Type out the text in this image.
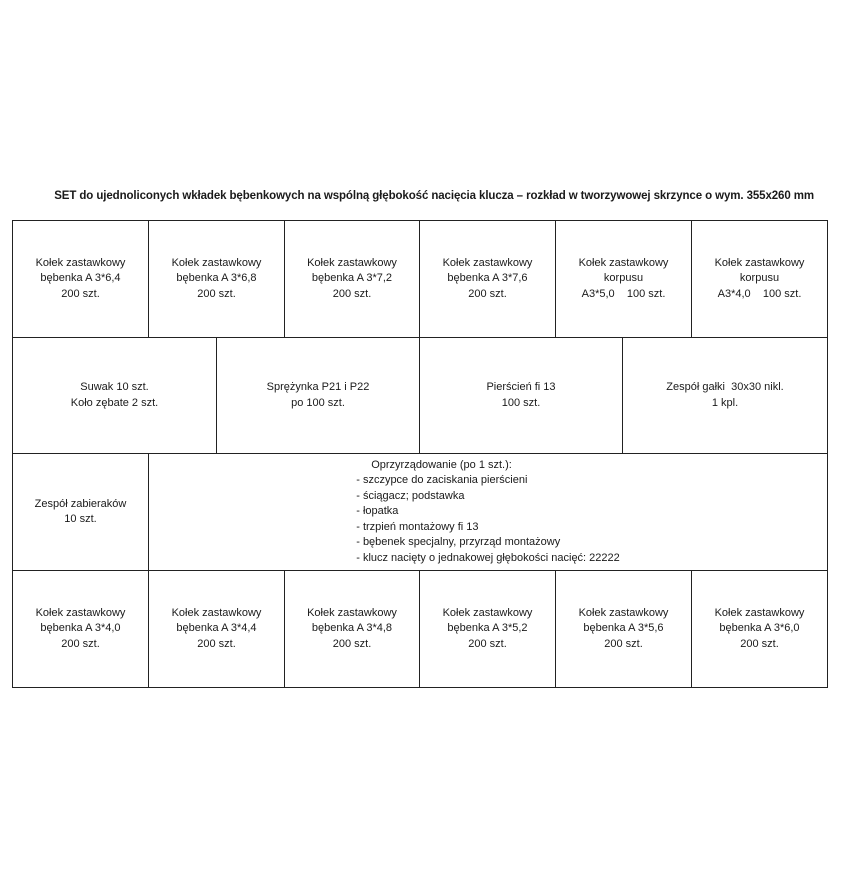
SET do ujednoliconych wkładek bębenkowych na wspólną głębokość nacięcia klucza – rozkład w tworzywowej skrzynce o wym. 355x260 mm
Kołek zastawkowy
bębenka A 3*6,4
200 szt.
Kołek zastawkowy
bębenka A 3*6,8
200 szt.
Kołek zastawkowy
bębenka A 3*7,2
200 szt.
Kołek zastawkowy
bębenka A 3*7,6
200 szt.
Kołek zastawkowy
korpusu
A3*5,0    100 szt.
Kołek zastawkowy
korpusu
A3*4,0    100 szt.
Suwak 10 szt.
Koło zębate 2 szt.
Sprężynka P21 i P22
po 100 szt.
Pierścień fi 13
100 szt.
Zespół gałki  30x30 nikl.
1 kpl.
Zespół zabieraków
10 szt.
Oprzyrządowanie (po 1 szt.):
- szczypce do zaciskania pierścieni
- ściągacz; podstawka
- łopatka
- trzpień montażowy fi 13
- bębenek specjalny, przyrząd montażowy
- klucz nacięty o jednakowej głębokości nacięć: 22222
Kołek zastawkowy
bębenka A 3*4,0
200 szt.
Kołek zastawkowy
bębenka A 3*4,4
200 szt.
Kołek zastawkowy
bębenka A 3*4,8
200 szt.
Kołek zastawkowy
bębenka A 3*5,2
200 szt.
Kołek zastawkowy
bębenka A 3*5,6
200 szt.
Kołek zastawkowy
bębenka A 3*6,0
200 szt.
